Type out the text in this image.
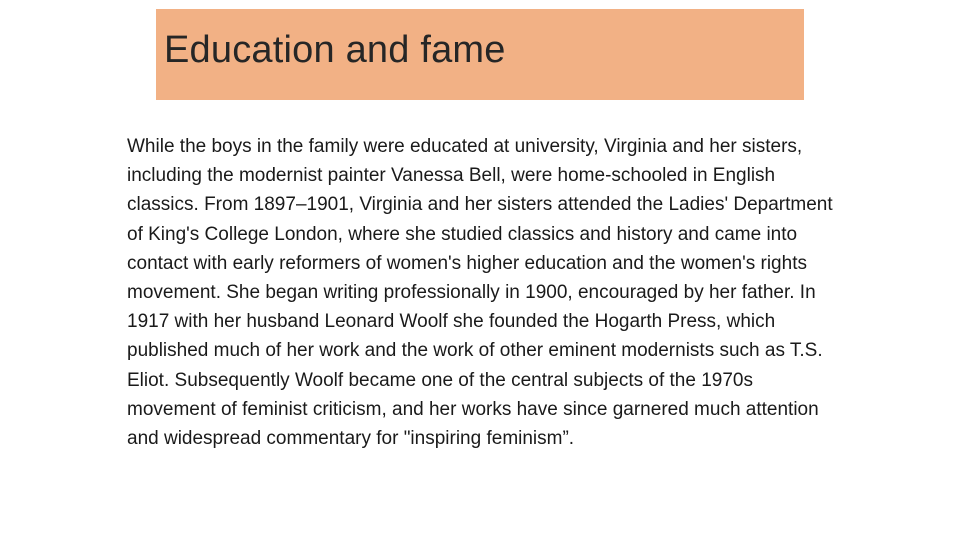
Education and fame

While the boys in the family were educated at university, Virginia and her sisters, including the modernist painter Vanessa Bell, were home-schooled in English classics. From 1897–1901, Virginia and her sisters attended the Ladies' Department of King's College London, where she studied classics and history and came into contact with early reformers of women's higher education and the women's rights movement. She began writing professionally in 1900, encouraged by her father. In 1917 with her husband Leonard Woolf she founded the Hogarth Press, which published much of her work and the work of other eminent modernists such as T.S. Eliot. Subsequently Woolf became one of the central subjects of the 1970s movement of feminist criticism, and her works have since garnered much attention and widespread commentary for "inspiring feminism”.
